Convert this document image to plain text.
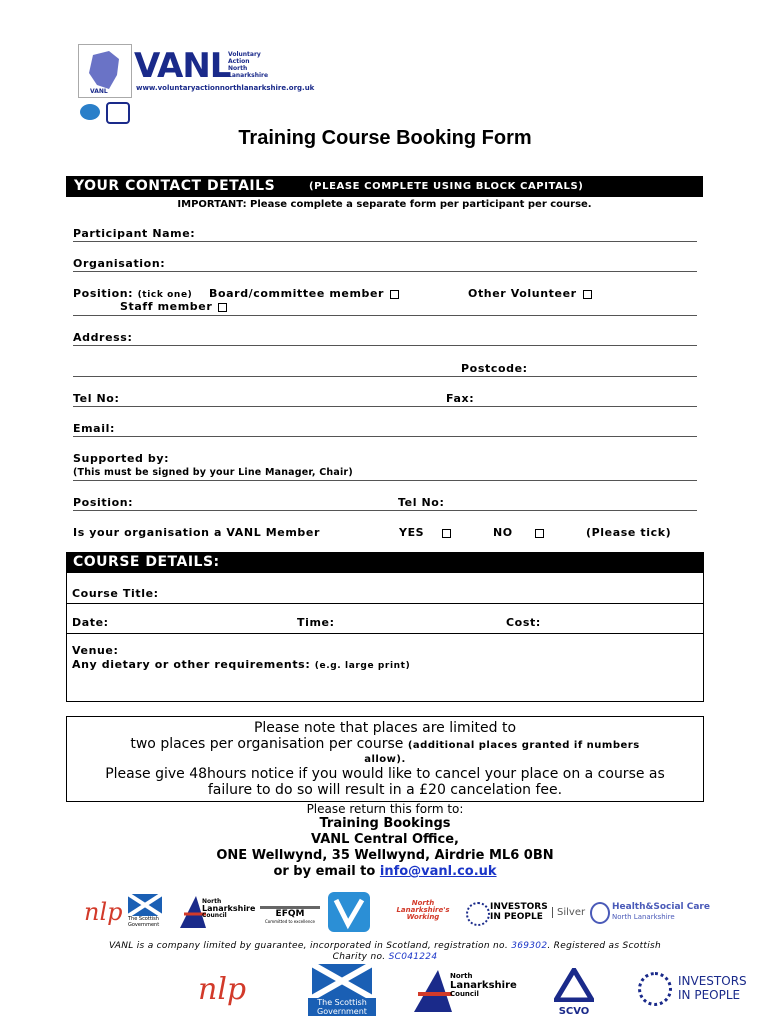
VANL
VANL
Voluntary
Action
North
Lanarkshire
www.voluntaryactionnorthlanarkshire.org.uk
Training Course Booking Form
YOUR CONTACT DETAILS	(PLEASE COMPLETE USING BLOCK CAPITALS)
IMPORTANT: Please complete a separate form per participant per course.
Participant Name:
Organisation:
Position: (tick one) Board/committee member	Other Volunteer
Staff member
Address:
Postcode:
Tel No:	Fax:
Email:
Supported by:
(This must be signed by your Line Manager, Chair)
Position:	Tel No:
Is your organisation a VANL Member	YES	NO	(Please tick)
COURSE DETAILS:
Course Title:
Date:	Time:	Cost:
Venue:
Any dietary or other requirements: (e.g. large print)
Please note that places are limited to
two places per organisation per course (additional places granted if numbers
allow).
Please give 48hours notice if you would like to cancel your place on a course as
failure to do so will result in a £20 cancelation fee.
Please return this form to:
Training Bookings
VANL Central Office,
ONE Wellwynd, 35 Wellwynd, Airdrie ML6 0BN
or by email to info@vanl.co.uk
nlp The Scottish
Government
North
Lanarkshire
Council	EFQM
Committed to excellence
North
Lanarkshire's
Working
INVESTORS
IN PEOPLE	Silver	Health&Social Care
North Lanarkshire
VANL is a company limited by guarantee, incorporated in Scotland, registration no. 369302. Registered as Scottish
Charity no. SC041224
nlp	The Scottish
Government
North
Lanarkshire
Council
SCVO
INVESTORS
IN PEOPLE
